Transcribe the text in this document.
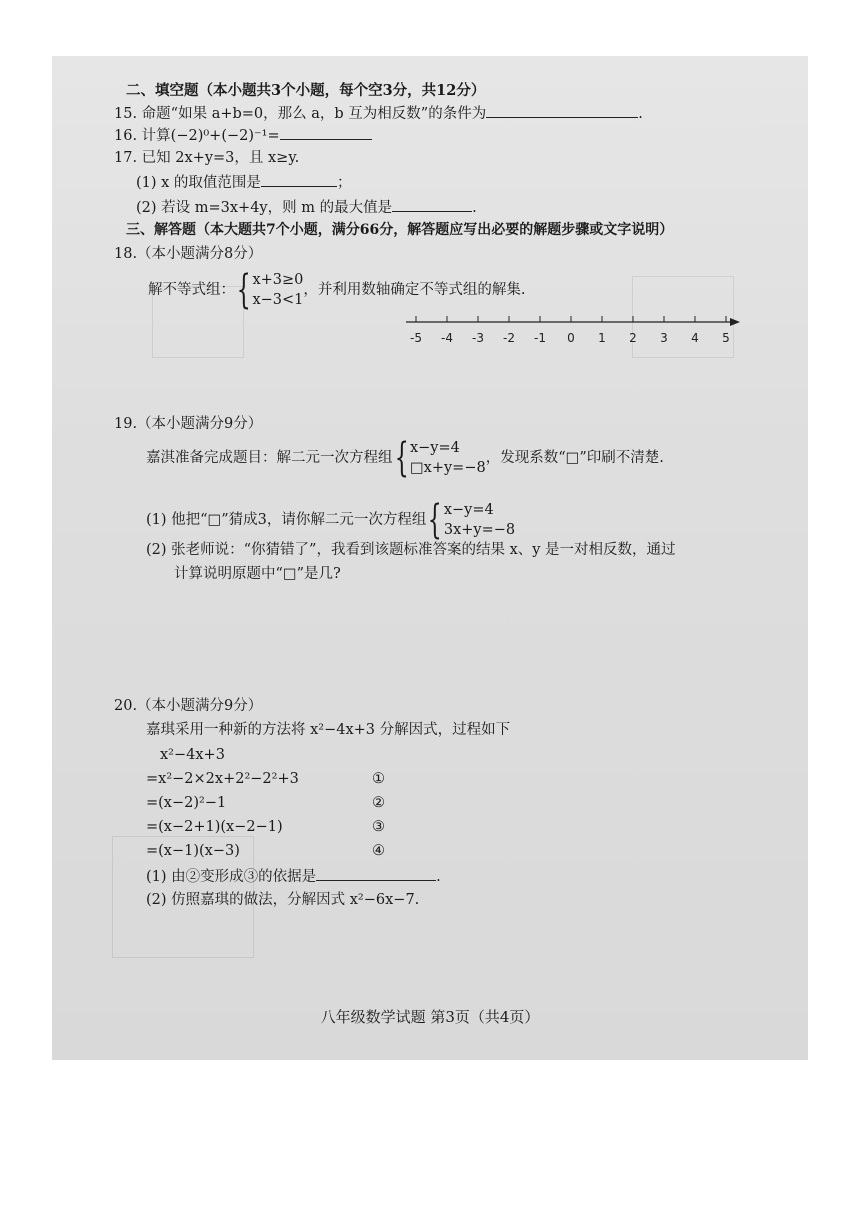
二、填空题（本小题共3个小题，每个空3分，共12分）
15. 命题“如果 a+b=0，那么 a，b 互为相反数”的条件为	.
16. 计算(−2)⁰+(−2)⁻¹=
17. 已知 2x+y=3，且 x≥y.
(1) x 的取值范围是	；
(2) 若设 m=3x+4y，则 m 的最大值是	.
三、解答题（本大题共7个小题，满分66分，解答题应写出必要的解题步骤或文字说明）
18.（本小题满分8分）
解不等式组： { x+3≥0
x−3<1
，并利用数轴确定不等式组的解集.
-5 -4 -3 -2 -1 0 1 2 3 4 5
19.（本小题满分9分）
嘉淇准备完成题目：解二元一次方程组 { x−y=4
□x+y=−8
，发现系数“□”印刷不清楚.
(1) 他把“□”猜成3，请你解二元一次方程组 { x−y=4
3x+y=−8
(2) 张老师说：“你猜错了”，我看到该题标准答案的结果 x、y 是一对相反数，通过
计算说明原题中“□”是几?
20.（本小题满分9分）
嘉琪采用一种新的方法将 x²−4x+3 分解因式，过程如下
x²−4x+3
=x²−2×2x+2²−2²+3	①
=(x−2)²−1	②
=(x−2+1)(x−2−1)	③
=(x−1)(x−3)	④
(1) 由②变形成③的依据是	.
(2) 仿照嘉琪的做法，分解因式 x²−6x−7.
八年级数学试题 第3页（共4页）
